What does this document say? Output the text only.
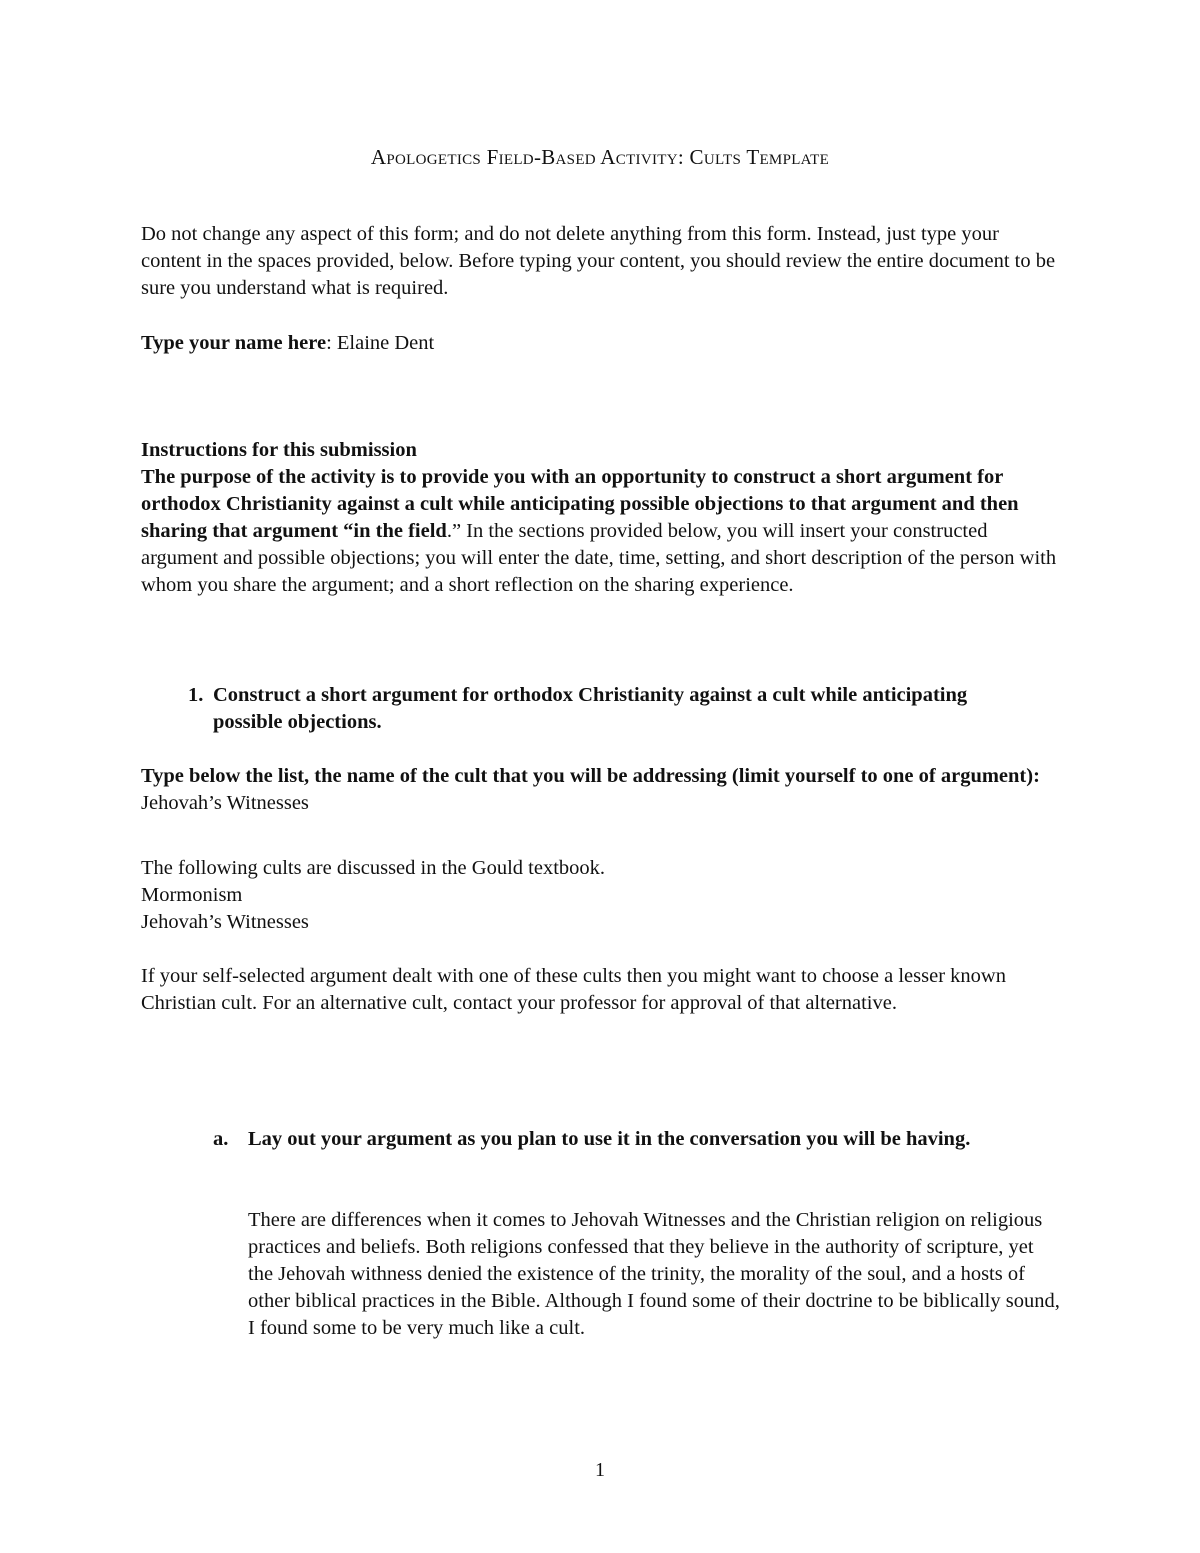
Apologetics Field-Based Activity: Cults Template

Do not change any aspect of this form; and do not delete anything from this form. Instead, just type your content in the spaces provided, below. Before typing your content, you should review the entire document to be sure you understand what is required.

Type your name here: Elaine Dent

Instructions for this submission

The purpose of the activity is to provide you with an opportunity to construct a short argument for orthodox Christianity against a cult while anticipating possible objections to that argument and then sharing that argument “in the field.” In the sections provided below, you will insert your constructed argument and possible objections; you will enter the date, time, setting, and short description of the person with whom you share the argument; and a short reflection on the sharing experience.

1. Construct a short argument for orthodox Christianity against a cult while anticipating possible objections.

Type below the list, the name of the cult that you will be addressing (limit yourself to one of argument): Jehovah’s Witnesses

The following cults are discussed in the Gould textbook.

Mormonism

Jehovah’s Witnesses

If your self-selected argument dealt with one of these cults then you might want to choose a lesser known Christian cult. For an alternative cult, contact your professor for approval of that alternative.

a. Lay out your argument as you plan to use it in the conversation you will be having.

There are differences when it comes to Jehovah Witnesses and the Christian religion on religious practices and beliefs. Both religions confessed that they believe in the authority of scripture, yet the Jehovah withness denied the existence of the trinity, the morality of the soul, and a hosts of other biblical practices in the Bible. Although I found some of their doctrine to be biblically sound, I found some to be very much like a cult.

1
